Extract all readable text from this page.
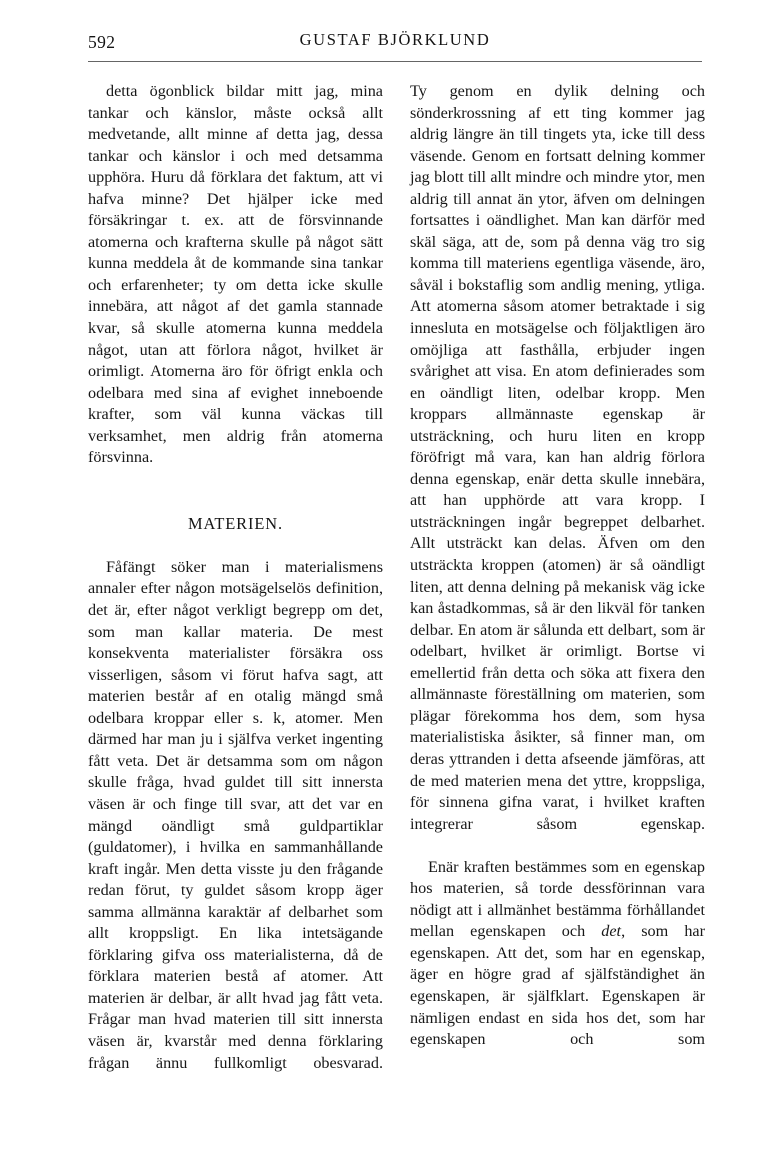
592	GUSTAF BJÖRKLUND

detta ögonblick bildar mitt jag, mina tankar och känslor, måste också allt medvetande, allt minne af detta jag, dessa tankar och känslor i och med detsamma upphöra. Huru då förklara det faktum, att vi hafva minne? Det hjälper icke med försäkringar t. ex. att de försvinnande atomerna och krafterna skulle på något sätt kunna meddela åt de kommande sina tankar och erfarenheter; ty om detta icke skulle innebära, att något af det gamla stannade kvar, så skulle atomerna kunna meddela något, utan att förlora något, hvilket är orimligt. Atomerna äro för öfrigt enkla och odelbara med sina af evighet inneboende krafter, som väl kunna väckas till verksamhet, men aldrig från atomerna försvinna.

MATERIEN.

Fåfängt söker man i materialismens annaler efter någon motsägelselös definition, det är, efter något verkligt begrepp om det, som man kallar materia. De mest konsekventa materialister försäkra oss visserligen, såsom vi förut hafva sagt, att materien består af en otalig mängd små odelbara kroppar eller s. k, atomer. Men därmed har man ju i själfva verket ingenting fått veta. Det är detsamma som om någon skulle fråga, hvad guldet till sitt innersta väsen är och finge till svar, att det var en mängd oändligt små guldpartiklar (guldatomer), i hvilka en sammanhållande kraft ingår. Men detta visste ju den frågande redan förut, ty guldet såsom kropp äger samma allmänna karaktär af delbarhet som allt kroppsligt. En lika intetsägande förklaring gifva oss materialisterna, då de förklara materien bestå af atomer. Att materien är delbar, är allt hvad jag fått veta. Frågar man hvad materien till sitt innersta väsen är, kvarstår med denna förklaring frågan ännu fullkomligt obesvarad.

Ty genom en dylik delning och sönderkrossning af ett ting kommer jag aldrig längre än till tingets yta, icke till dess väsende. Genom en fortsatt delning kommer jag blott till allt mindre och mindre ytor, men aldrig till annat än ytor, äfven om delningen fortsattes i oändlighet. Man kan därför med skäl säga, att de, som på denna väg tro sig komma till materiens egentliga väsende, äro, såväl i bokstaflig som andlig mening, ytliga. Att atomerna såsom atomer betraktade i sig innesluta en motsägelse och följaktligen äro omöjliga att fasthålla, erbjuder ingen svårighet att visa. En atom definierades som en oändligt liten, odelbar kropp. Men kroppars allmännaste egenskap är utsträckning, och huru liten en kropp föröfrigt må vara, kan han aldrig förlora denna egenskap, enär detta skulle innebära, att han upphörde att vara kropp. I utsträckningen ingår begreppet delbarhet. Allt utsträckt kan delas. Äfven om den utsträckta kroppen (atomen) är så oändligt liten, att denna delning på mekanisk väg icke kan åstadkommas, så är den likväl för tanken delbar. En atom är sålunda ett delbart, som är odelbart, hvilket är orimligt. Bortse vi emellertid från detta och söka att fixera den allmännaste föreställning om materien, som plägar förekomma hos dem, som hysa materialistiska åsikter, så finner man, om deras yttranden i detta afseende jämföras, att de med materien mena det yttre, kroppsliga, för sinnena gifna varat, i hvilket kraften integrerar såsom egenskap.

Enär kraften bestämmes som en egenskap hos materien, så torde dessförinnan vara nödigt att i allmänhet bestämma förhållandet mellan egenskapen och det, som har egenskapen. Att det, som har en egenskap, äger en högre grad af själfständighet än egenskapen, är själfklart. Egenskapen är nämligen endast en sida hos det, som har egenskapen och som
